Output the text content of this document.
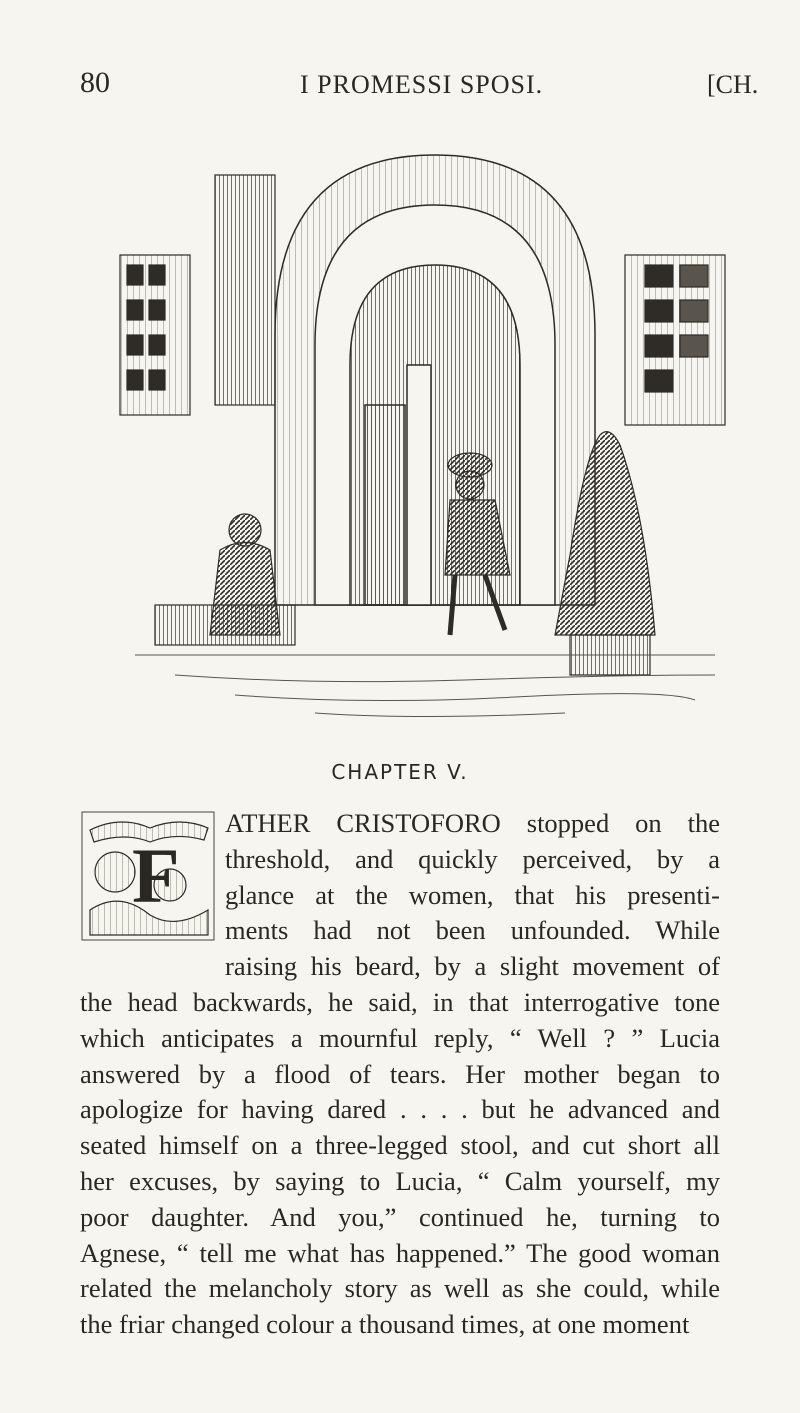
80	I PROMESSI SPOSI.	[CH.
CHAPTER V.
F
ATHER CRISTOFORO stopped on the
threshold, and quickly perceived, by a
glance at the women, that his presenti-
ments had not been unfounded. While
raising his beard, by a slight movement of
the head backwards, he said, in that interrogative tone
which anticipates a mournful reply, “ Well ? ” Lucia
answered by a flood of tears. Her mother began to
apologize for having dared . . . . but he advanced and
seated himself on a three-legged stool, and cut short all
her excuses, by saying to Lucia, “ Calm yourself, my
poor daughter. And you,” continued he, turning to
Agnese, “ tell me what has happened.” The good woman
related the melancholy story as well as she could, while
the friar changed colour a thousand times, at one moment
